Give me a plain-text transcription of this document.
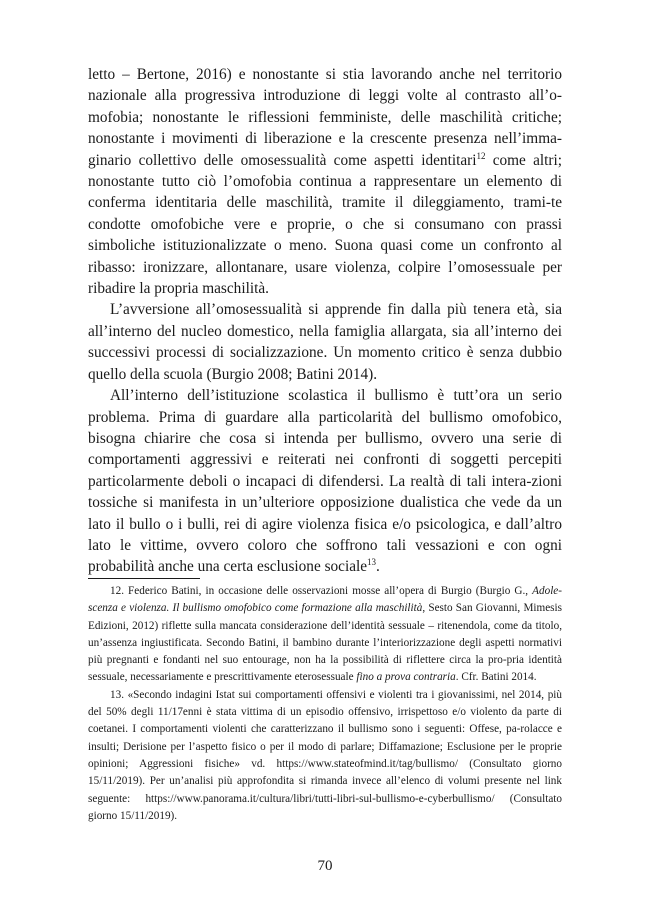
letto – Bertone, 2016) e nonostante si stia lavorando anche nel territorio nazionale alla progressiva introduzione di leggi volte al contrasto all’o-mofobia; nonostante le riflessioni femministe, delle maschilità critiche; nonostante i movimenti di liberazione e la crescente presenza nell’imma-ginario collettivo delle omosessualità come aspetti identitari$^{12}$ come altri; nonostante tutto ciò l’omofobia continua a rappresentare un elemento di conferma identitaria delle maschilità, tramite il dileggiamento, trami-te condotte omofobiche vere e proprie, o che si consumano con prassi simboliche istituzionalizzate o meno. Suona quasi come un confronto al ribasso: ironizzare, allontanare, usare violenza, colpire l’omosessuale per ribadire la propria maschilità.

L’avversione all’omosessualità si apprende fin dalla più tenera età, sia all’interno del nucleo domestico, nella famiglia allargata, sia all’interno dei successivi processi di socializzazione. Un momento critico è senza dubbio quello della scuola (Burgio 2008; Batini 2014).

All’interno dell’istituzione scolastica il bullismo è tutt’ora un serio problema. Prima di guardare alla particolarità del bullismo omofobico, bisogna chiarire che cosa si intenda per bullismo, ovvero una serie di comportamenti aggressivi e reiterati nei confronti di soggetti percepiti particolarmente deboli o incapaci di difendersi. La realtà di tali intera-zioni tossiche si manifesta in un’ulteriore opposizione dualistica che vede da un lato il bullo o i bulli, rei di agire violenza fisica e/o psicologica, e dall’altro lato le vittime, ovvero coloro che soffrono tali vessazioni e con ogni probabilità anche una certa esclusione sociale$^{13}$.

12. Federico Batini, in occasione delle osservazioni mosse all’opera di Burgio (Burgio G., Adole-scenza e violenza. Il bullismo omofobico come formazione alla maschilità, Sesto San Giovanni, Mimesis Edizioni, 2012) riflette sulla mancata considerazione dell’identità sessuale – ritenendola, come da titolo, un’assenza ingiustificata. Secondo Batini, il bambino durante l’interiorizzazione degli aspetti normativi più pregnanti e fondanti nel suo entourage, non ha la possibilità di riflettere circa la pro-pria identità sessuale, necessariamente e prescrittivamente eterosessuale fino a prova contraria. Cfr. Batini 2014.

13. «Secondo indagini Istat sui comportamenti offensivi e violenti tra i giovanissimi, nel 2014, più del 50% degli 11/17enni è stata vittima di un episodio offensivo, irrispettoso e/o violento da parte di coetanei. I comportamenti violenti che caratterizzano il bullismo sono i seguenti: Offese, pa-rolacce e insulti; Derisione per l’aspetto fisico o per il modo di parlare; Diffamazione; Esclusione per le proprie opinioni; Aggressioni fisiche» vd. https://www.stateofmind.it/tag/bullismo/ (Consultato giorno 15/11/2019). Per un’analisi più approfondita si rimanda invece all’elenco di volumi presente nel link seguente: https://www.panorama.it/cultura/libri/tutti-libri-sul-bullismo-e-cyberbullismo/ (Consultato giorno 15/11/2019).

70
